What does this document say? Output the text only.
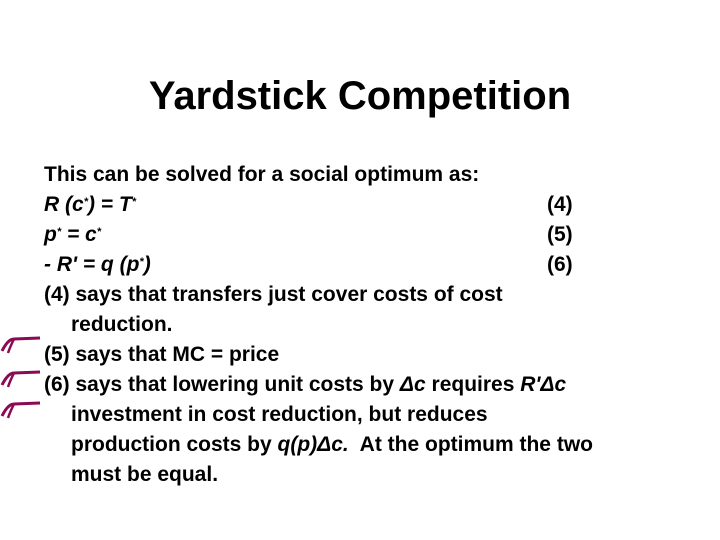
Yardstick Competition
This can be solved for a social optimum as:
R (c*) = T*	(4)
p* = c*	(5)
- R' = q (p*)	(6)
(4) says that transfers just cover costs of cost
reduction.
(5) says that MC = price
(6) says that lowering unit costs by Δc requires R'Δc
investment in cost reduction, but reduces
production costs by q(p)Δc.  At the optimum the two
must be equal.
